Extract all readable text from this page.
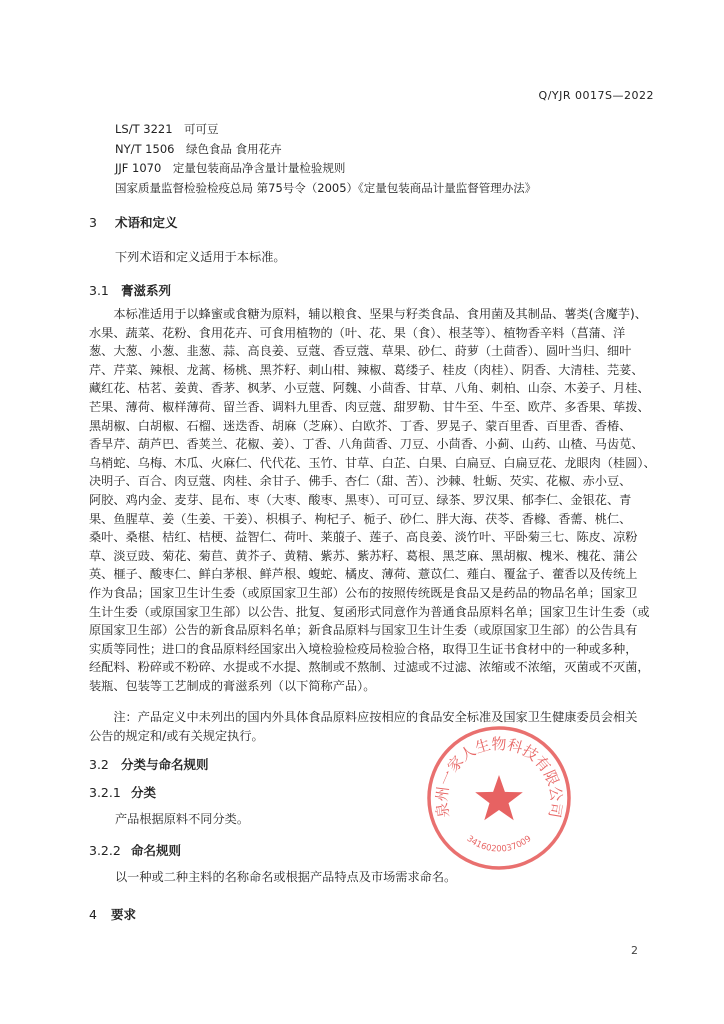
Q/YJR 0017S—2022
LS/T 3221　可可豆
NY/T 1506　绿色食品 食用花卉
JJF 1070　定量包装商品净含量计量检验规则
国家质量监督检验检疫总局 第75号令（2005）《定量包装商品计量监督管理办法》
3 术语和定义
下列术语和定义适用于本标准。
3.1 膏滋系列
　　本标准适用于以蜂蜜或食糖为原料，辅以粮食、坚果与籽类食品、食用菌及其制品、薯类(含魔芋)、
水果、蔬菜、花粉、食用花卉、可食用植物的（叶、花、果（食）、根茎等）、植物香辛料（菖蒲、洋
葱、大葱、小葱、韭葱、蒜、高良姜、豆蔻、香豆蔻、草果、砂仁、莳萝（土茴香）、圆叶当归、细叶
芹、芹菜、辣根、龙蒿、杨桃、黑芥籽、刺山柑、辣椒、葛缕子、桂皮（肉桂）、阴香、大清桂、芫荽、
藏红花、枯茗、姜黄、香茅、枫茅、小豆蔻、阿魏、小茴香、甘草、八角、刺柏、山奈、木姜子、月桂、
芒果、薄荷、椒样薄荷、留兰香、调料九里香、肉豆蔻、甜罗勒、甘牛至、牛至、欧芹、多香果、荜拨、
黑胡椒、白胡椒、石榴、迷迭香、胡麻（芝麻）、白欧芥、丁香、罗晃子、蒙百里香、百里香、香椿、
香旱芹、葫芦巴、香荚兰、花椒、姜）、丁香、八角茴香、刀豆、小茴香、小蓟、山药、山楂、马齿苋、
乌梢蛇、乌梅、木瓜、火麻仁、代代花、玉竹、甘草、白芷、白果、白扁豆、白扁豆花、龙眼肉（桂圆）、
决明子、百合、肉豆蔻、肉桂、余甘子、佛手、杏仁（甜、苦）、沙棘、牡蛎、芡实、花椒、赤小豆、
阿胶、鸡内金、麦芽、昆布、枣（大枣、酸枣、黑枣）、可可豆、绿茶、罗汉果、郁李仁、金银花、青
果、鱼腥草、姜（生姜、干姜）、枳椇子、枸杞子、栀子、砂仁、胖大海、茯苓、香橼、香薷、桃仁、
桑叶、桑椹、桔红、桔梗、益智仁、荷叶、莱菔子、莲子、高良姜、淡竹叶、平卧菊三七、陈皮、凉粉
草、淡豆豉、菊花、菊苣、黄芥子、黄精、紫苏、紫苏籽、葛根、黑芝麻、黑胡椒、槐米、槐花、蒲公
英、榧子、酸枣仁、鲜白茅根、鲜芦根、蝮蛇、橘皮、薄荷、薏苡仁、薤白、覆盆子、藿香以及传统上
作为食品；国家卫生计生委（或原国家卫生部）公布的按照传统既是食品又是药品的物品名单；国家卫
生计生委（或原国家卫生部）以公告、批复、复函形式同意作为普通食品原料名单；国家卫生计生委（或
原国家卫生部）公告的新食品原料名单；新食品原料与国家卫生计生委（或原国家卫生部）的公告具有
实质等同性；进口的食品原料经国家出入境检验检疫局检验合格，取得卫生证书食材中的一种或多种，
经配料、粉碎或不粉碎、水提或不水提、熬制或不熬制、过滤或不过滤、浓缩或不浓缩，灭菌或不灭菌，
装瓶、包装等工艺制成的膏滋系列（以下简称产品）。
　　注：产品定义中未列出的国内外具体食品原料应按相应的食品安全标准及国家卫生健康委员会相关
公告的规定和/或有关规定执行。
3.2 分类与命名规则
3.2.1 分类
产品根据原料不同分类。
3.2.2 命名规则
以一种或二种主料的名称命名或根据产品特点及市场需求命名。
4 要求
泉州一家人生物科技有限公司
3416020037009
2
